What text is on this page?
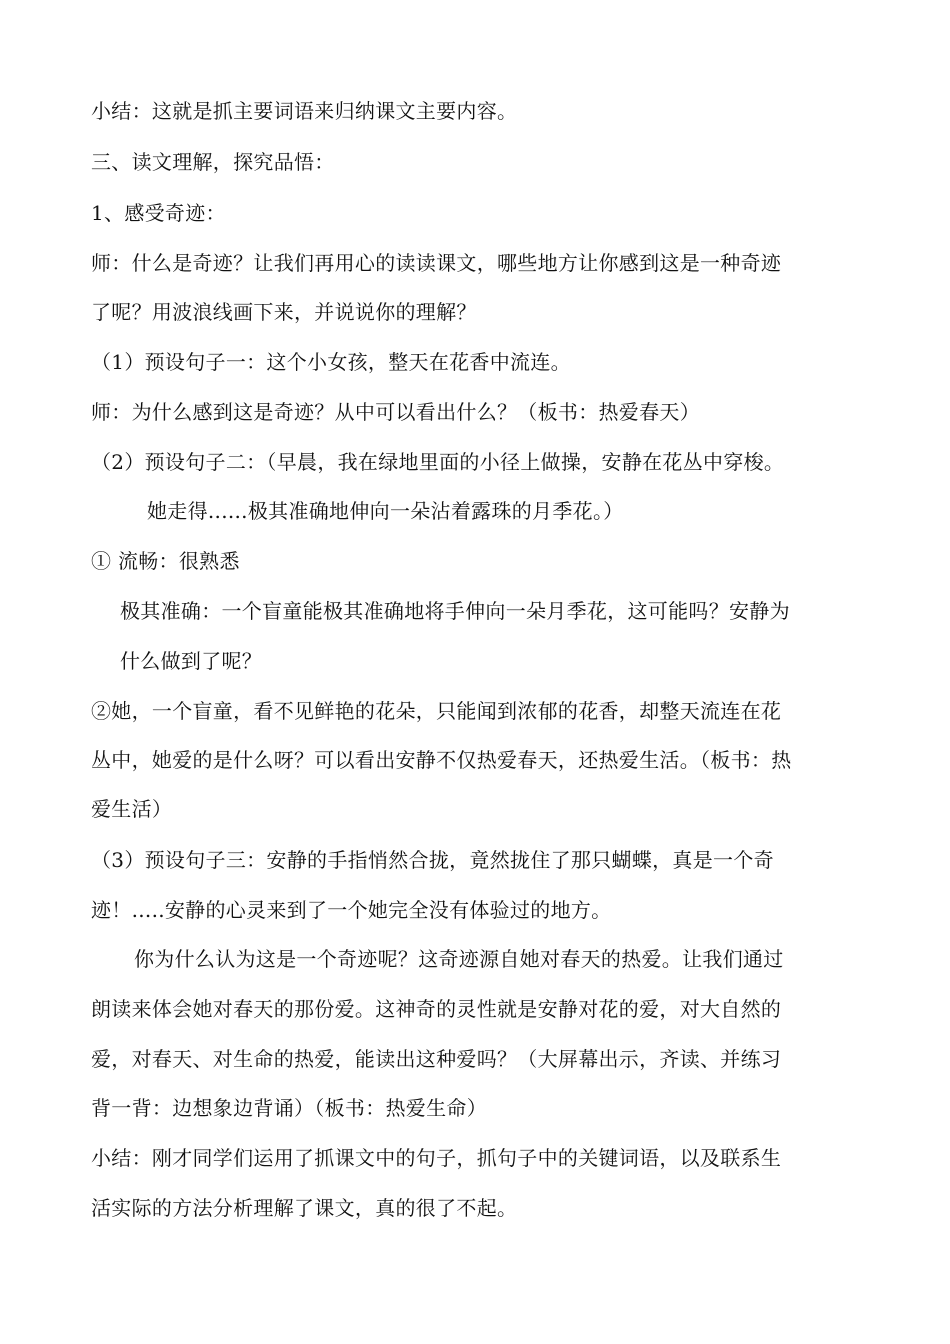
小结：这就是抓主要词语来归纳课文主要内容。
三、读文理解，探究品悟：
1、感受奇迹：
师：什么是奇迹？让我们再用心的读读课文，哪些地方让你感到这是一种奇迹
了呢？用波浪线画下来，并说说你的理解？
（1）预设句子一：这个小女孩，整天在花香中流连。
师：为什么感到这是奇迹？从中可以看出什么？（板书：热爱春天）
（2）预设句子二：（早晨，我在绿地里面的小径上做操，安静在花丛中穿梭。
她走得......极其准确地伸向一朵沾着露珠的月季花。）
① 流畅：很熟悉
极其准确：一个盲童能极其准确地将手伸向一朵月季花，这可能吗？安静为
什么做到了呢？
②她，一个盲童，看不见鲜艳的花朵，只能闻到浓郁的花香，却整天流连在花
丛中，她爱的是什么呀？可以看出安静不仅热爱春天，还热爱生活。（板书：热
爱生活）
（3）预设句子三：安静的手指悄然合拢，竟然拢住了那只蝴蝶，真是一个奇
迹！.....安静的心灵来到了一个她完全没有体验过的地方。
你为什么认为这是一个奇迹呢？这奇迹源自她对春天的热爱。让我们通过
朗读来体会她对春天的那份爱。这神奇的灵性就是安静对花的爱，对大自然的
爱，对春天、对生命的热爱，能读出这种爱吗？（大屏幕出示，齐读、并练习
背一背：边想象边背诵）（板书：热爱生命）
小结：刚才同学们运用了抓课文中的句子，抓句子中的关键词语，以及联系生
活实际的方法分析理解了课文，真的很了不起。
